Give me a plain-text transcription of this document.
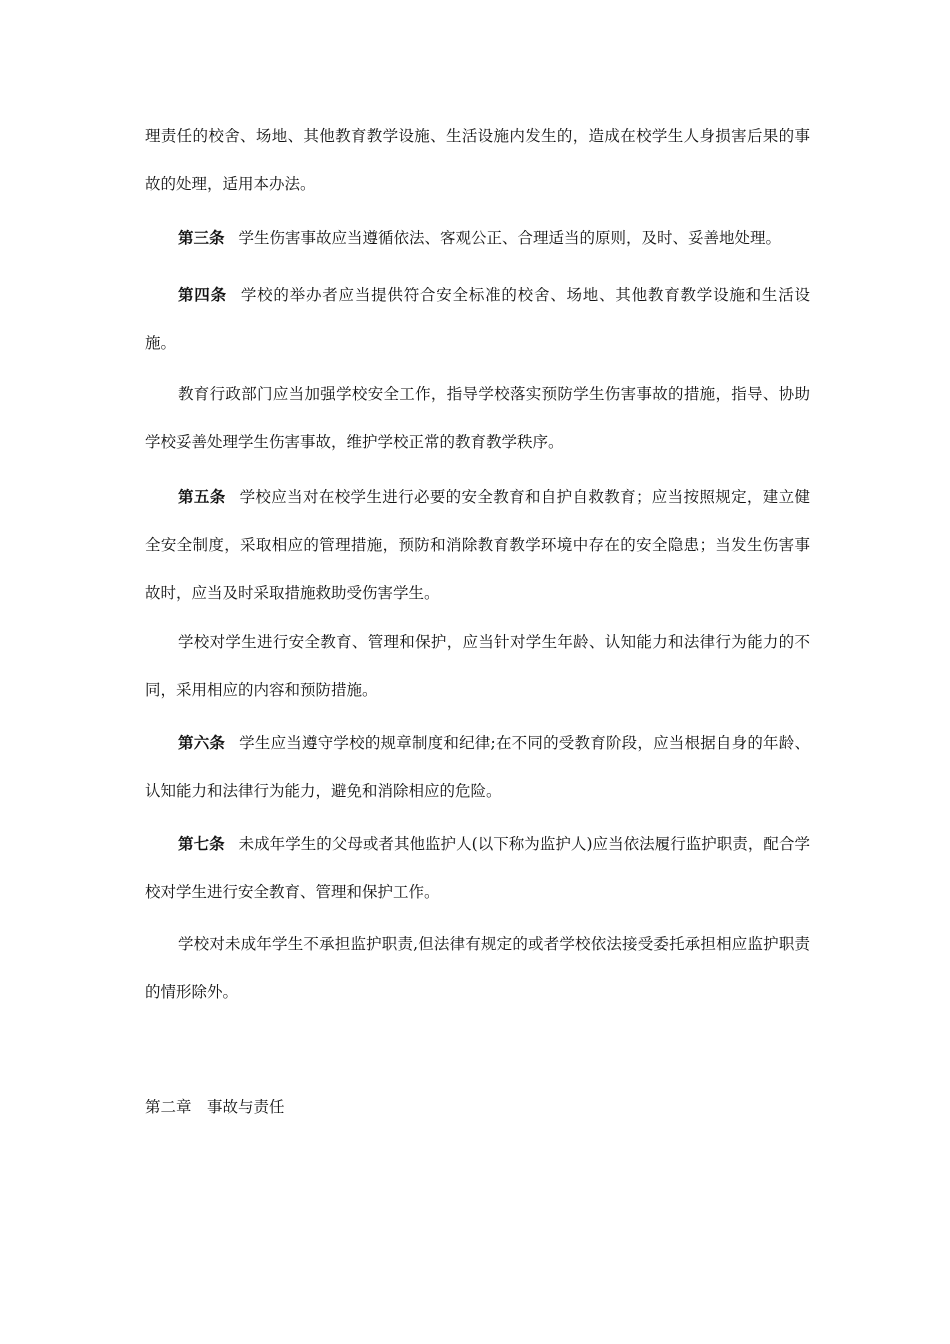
理责任的校舍、场地、其他教育教学设施、生活设施内发生的，造成在校学生人身损害后果的事故的处理，适用本办法。

第三条 学生伤害事故应当遵循依法、客观公正、合理适当的原则，及时、妥善地处理。

第四条 学校的举办者应当提供符合安全标准的校舍、场地、其他教育教学设施和生活设施。

教育行政部门应当加强学校安全工作，指导学校落实预防学生伤害事故的措施，指导、协助学校妥善处理学生伤害事故，维护学校正常的教育教学秩序。

第五条 学校应当对在校学生进行必要的安全教育和自护自救教育；应当按照规定，建立健全安全制度，采取相应的管理措施，预防和消除教育教学环境中存在的安全隐患；当发生伤害事故时，应当及时采取措施救助受伤害学生。

学校对学生进行安全教育、管理和保护，应当针对学生年龄、认知能力和法律行为能力的不同，采用相应的内容和预防措施。

第六条 学生应当遵守学校的规章制度和纪律;在不同的受教育阶段，应当根据自身的年龄、认知能力和法律行为能力，避免和消除相应的危险。

第七条 未成年学生的父母或者其他监护人(以下称为监护人)应当依法履行监护职责，配合学校对学生进行安全教育、管理和保护工作。

学校对未成年学生不承担监护职责,但法律有规定的或者学校依法接受委托承担相应监护职责的情形除外。

第二章　事故与责任
